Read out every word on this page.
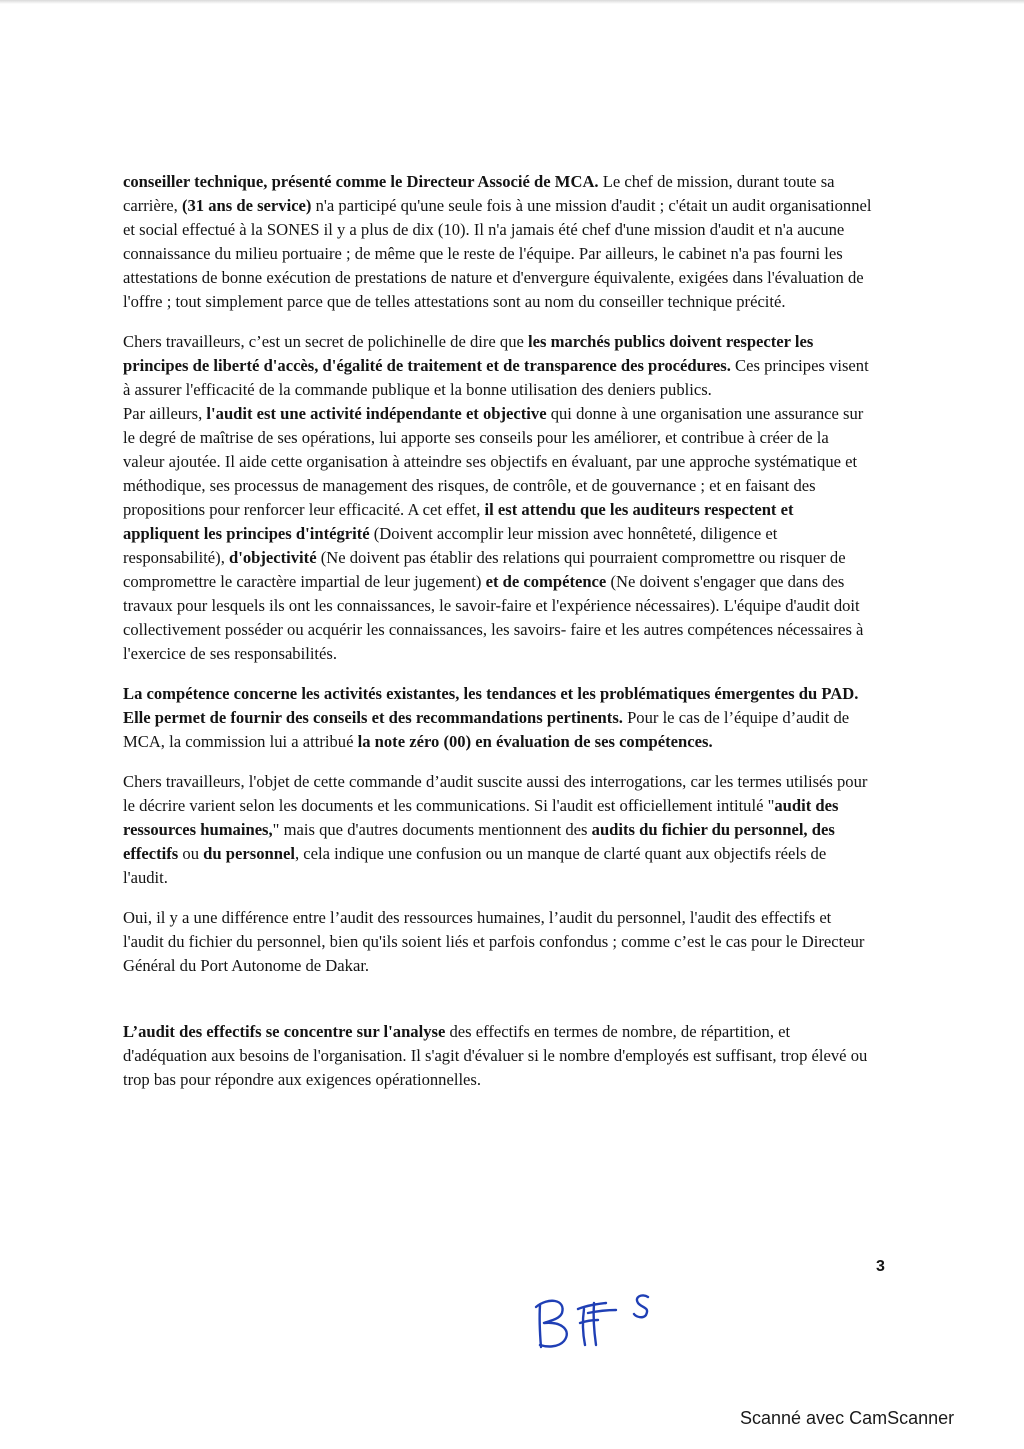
conseiller technique, présenté comme le Directeur Associé de MCA. Le chef de mission, durant toute sa carrière, (31 ans de service) n'a participé qu'une seule fois à une mission d'audit ; c'était un audit organisationnel et social effectué à la SONES il y a plus de dix (10). Il n'a jamais été chef d'une mission d'audit et n'a aucune connaissance du milieu portuaire ; de même que le reste de l'équipe. Par ailleurs, le cabinet n'a pas fourni les attestations de bonne exécution de prestations de nature et d'envergure équivalente, exigées dans l'évaluation de l'offre ; tout simplement parce que de telles attestations sont au nom du conseiller technique précité.

Chers travailleurs, c’est un secret de polichinelle de dire que les marchés publics doivent respecter les principes de liberté d'accès, d'égalité de traitement et de transparence des procédures. Ces principes visent à assurer l'efficacité de la commande publique et la bonne utilisation des deniers publics.

Par ailleurs, l'audit est une activité indépendante et objective qui donne à une organisation une assurance sur le degré de maîtrise de ses opérations, lui apporte ses conseils pour les améliorer, et contribue à créer de la valeur ajoutée. Il aide cette organisation à atteindre ses objectifs en évaluant, par une approche systématique et méthodique, ses processus de management des risques, de contrôle, et de gouvernance ; et en faisant des propositions pour renforcer leur efficacité. A cet effet, il est attendu que les auditeurs respectent et appliquent les principes d'intégrité (Doivent accomplir leur mission avec honnêteté, diligence et responsabilité), d'objectivité (Ne doivent pas établir des relations qui pourraient compromettre ou risquer de compromettre le caractère impartial de leur jugement) et de compétence (Ne doivent s'engager que dans des travaux pour lesquels ils ont les connaissances, le savoir-faire et l'expérience nécessaires). L'équipe d'audit doit collectivement posséder ou acquérir les connaissances, les savoirs- faire et les autres compétences nécessaires à l'exercice de ses responsabilités.

La compétence concerne les activités existantes, les tendances et les problématiques émergentes du PAD. Elle permet de fournir des conseils et des recommandations pertinents. Pour le cas de l’équipe d’audit de MCA, la commission lui a attribué la note zéro (00) en évaluation de ses compétences.

Chers travailleurs, l'objet de cette commande d’audit suscite aussi des interrogations, car les termes utilisés pour le décrire varient selon les documents et les communications. Si l'audit est officiellement intitulé "audit des ressources humaines," mais que d'autres documents mentionnent des audits du fichier du personnel, des effectifs ou du personnel, cela indique une confusion ou un manque de clarté quant aux objectifs réels de l'audit.

Oui, il y a une différence entre l’audit des ressources humaines, l’audit du personnel, l'audit des effectifs et l'audit du fichier du personnel, bien qu'ils soient liés et parfois confondus ; comme c’est le cas pour le Directeur Général du Port Autonome de Dakar.

L’audit des effectifs se concentre sur l'analyse des effectifs en termes de nombre, de répartition, et d'adéquation aux besoins de l'organisation. Il s'agit d'évaluer si le nombre d'employés est suffisant, trop élevé ou trop bas pour répondre aux exigences opérationnelles.

3
Scanné avec CamScanner
